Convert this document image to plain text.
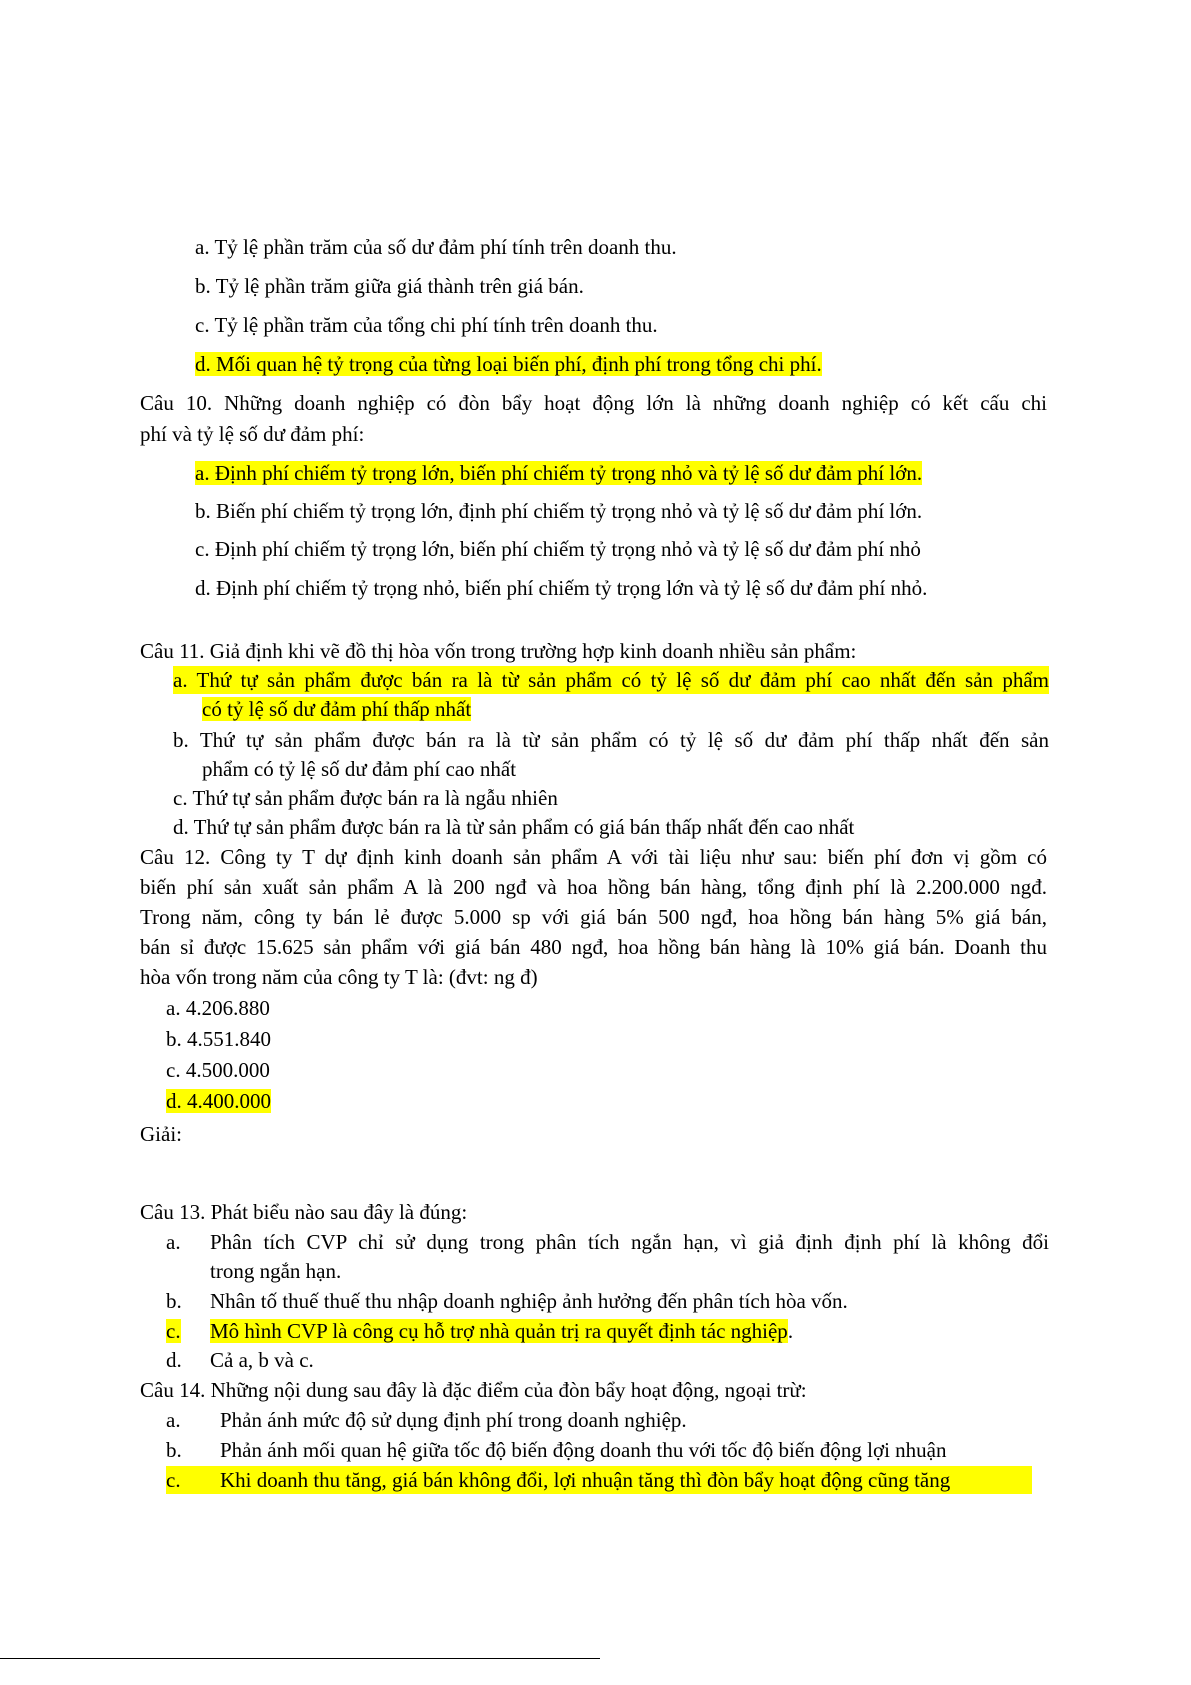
a. Tỷ lệ phần trăm của số dư đảm phí tính trên doanh thu.
b. Tỷ lệ phần trăm giữa giá thành trên giá bán.
c. Tỷ lệ phần trăm của tổng chi phí tính trên doanh thu.
d. Mối quan hệ tỷ trọng của từng loại biến phí, định phí trong tổng chi phí.
Câu 10. Những doanh nghiệp có đòn bẩy hoạt động lớn là những doanh nghiệp có kết cấu chi
phí và tỷ lệ số dư đảm phí:
a. Định phí chiếm tỷ trọng lớn, biến phí chiếm tỷ trọng nhỏ và tỷ lệ số dư đảm phí lớn.
b. Biến phí chiếm tỷ trọng lớn, định phí chiếm tỷ trọng nhỏ và tỷ lệ số dư đảm phí lớn.
c. Định phí chiếm tỷ trọng lớn, biến phí chiếm tỷ trọng nhỏ và tỷ lệ số dư đảm phí nhỏ
d. Định phí chiếm tỷ trọng nhỏ, biến phí chiếm tỷ trọng lớn và tỷ lệ số dư đảm phí nhỏ.
Câu 11. Giả định khi vẽ đồ thị hòa vốn trong trường hợp kinh doanh nhiều sản phẩm:
a. Thứ tự sản phẩm được bán ra là từ sản phẩm có tỷ lệ số dư đảm phí cao nhất đến sản phẩm
có tỷ lệ số dư đảm phí thấp nhất
b. Thứ tự sản phẩm được bán ra là từ sản phẩm có tỷ lệ số dư đảm phí thấp nhất đến sản
phẩm có tỷ lệ số dư đảm phí cao nhất
c. Thứ tự sản phẩm được bán ra là ngẫu nhiên
d. Thứ tự sản phẩm được bán ra là từ sản phẩm có giá bán thấp nhất đến cao nhất
Câu 12. Công ty T dự định kinh doanh sản phẩm A với tài liệu như sau: biến phí đơn vị gồm có
biến phí sản xuất sản phẩm A là 200 ngđ và hoa hồng bán hàng, tổng định phí là 2.200.000 ngđ.
Trong năm, công ty bán lẻ được 5.000 sp với giá bán 500 ngđ, hoa hồng bán hàng 5% giá bán,
bán sỉ được 15.625 sản phẩm với giá bán 480 ngđ, hoa hồng bán hàng là 10% giá bán. Doanh thu
hòa vốn trong năm của công ty T là: (đvt: ng đ)
a. 4.206.880
b. 4.551.840
c. 4.500.000
d. 4.400.000
Giải:
Câu 13. Phát biểu nào sau đây là đúng:
a. Phân tích CVP chỉ sử dụng trong phân tích ngắn hạn, vì giả định định phí là không đổi
trong ngắn hạn.
b. Nhân tố thuế thuế thu nhập doanh nghiệp ảnh hưởng đến phân tích hòa vốn.
c. Mô hình CVP là công cụ hỗ trợ nhà quản trị ra quyết định tác nghiệp.
d. Cả a, b và c.
Câu 14. Những nội dung sau đây là đặc điểm của đòn bẩy hoạt động, ngoại trừ:
a. Phản ánh mức độ sử dụng định phí trong doanh nghiệp.
b. Phản ánh mối quan hệ giữa tốc độ biến động doanh thu với tốc độ biến động lợi nhuận
c. Khi doanh thu tăng, giá bán không đổi, lợi nhuận tăng thì đòn bẩy hoạt động cũng tăng
